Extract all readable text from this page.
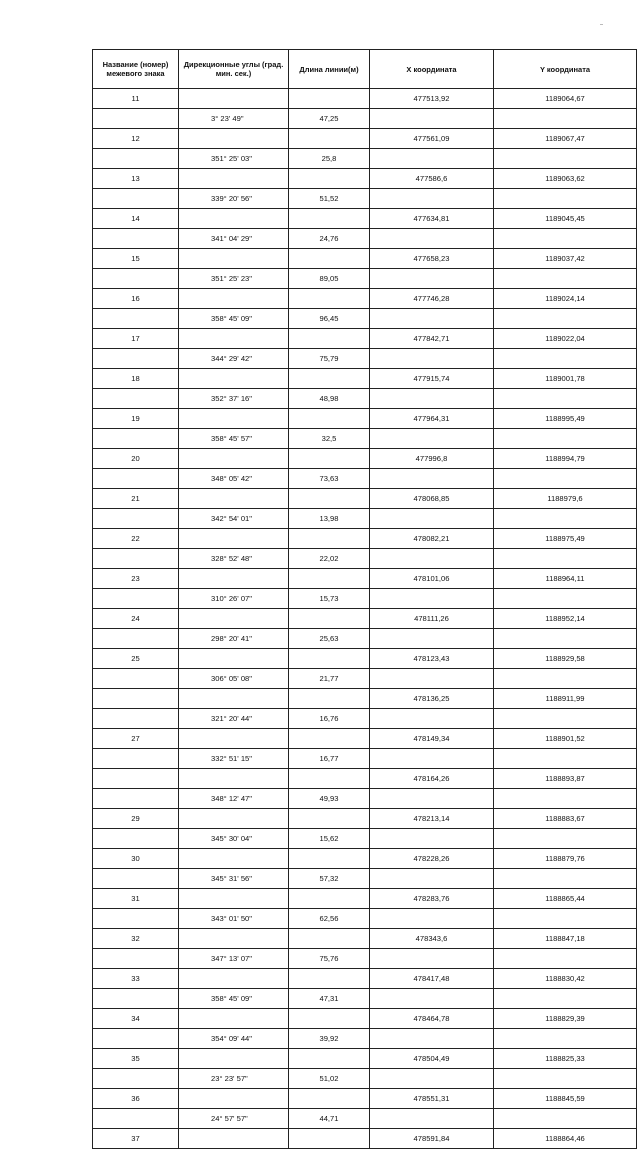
Название (номер) межевого знака	Дирекционные углы (град. мин. сек.)	Длина линии(м)	X координата	Y координата
11			477513,92	1189064,67
	3° 23' 49"	47,25		
12			477561,09	1189067,47
	351° 25' 03"	25,8		
13			477586,6	1189063,62
	339° 20' 56"	51,52		
14			477634,81	1189045,45
	341° 04' 29"	24,76		
15			477658,23	1189037,42
	351° 25' 23"	89,05		
16			477746,28	1189024,14
	358° 45' 09"	96,45		
17			477842,71	1189022,04
	344° 29' 42"	75,79		
18			477915,74	1189001,78
	352° 37' 16"	48,98		
19			477964,31	1188995,49
	358° 45' 57"	32,5		
20			477996,8	1188994,79
	348° 05' 42"	73,63		
21			478068,85	1188979,6
	342° 54' 01"	13,98		
22			478082,21	1188975,49
	328° 52' 48"	22,02		
23			478101,06	1188964,11
	310° 26' 07"	15,73		
24			478111,26	1188952,14
	298° 20' 41"	25,63		
25			478123,43	1188929,58
	306° 05' 08"	21,77		
			478136,25	1188911,99
	321° 20' 44"	16,76		
27			478149,34	1188901,52
	332° 51' 15"	16,77		
			478164,26	1188893,87
	348° 12' 47"	49,93		
29			478213,14	1188883,67
	345° 30' 04"	15,62		
30			478228,26	1188879,76
	345° 31' 56"	57,32		
31			478283,76	1188865,44
	343° 01' 50"	62,56		
32			478343,6	1188847,18
	347° 13' 07"	75,76		
33			478417,48	1188830,42
	358° 45' 09"	47,31		
34			478464,78	1188829,39
	354° 09' 44"	39,92		
35			478504,49	1188825,33
	23° 23' 57"	51,02		
36			478551,31	1188845,59
	24° 57' 57"	44,71		
37			478591,84	1188864,46
